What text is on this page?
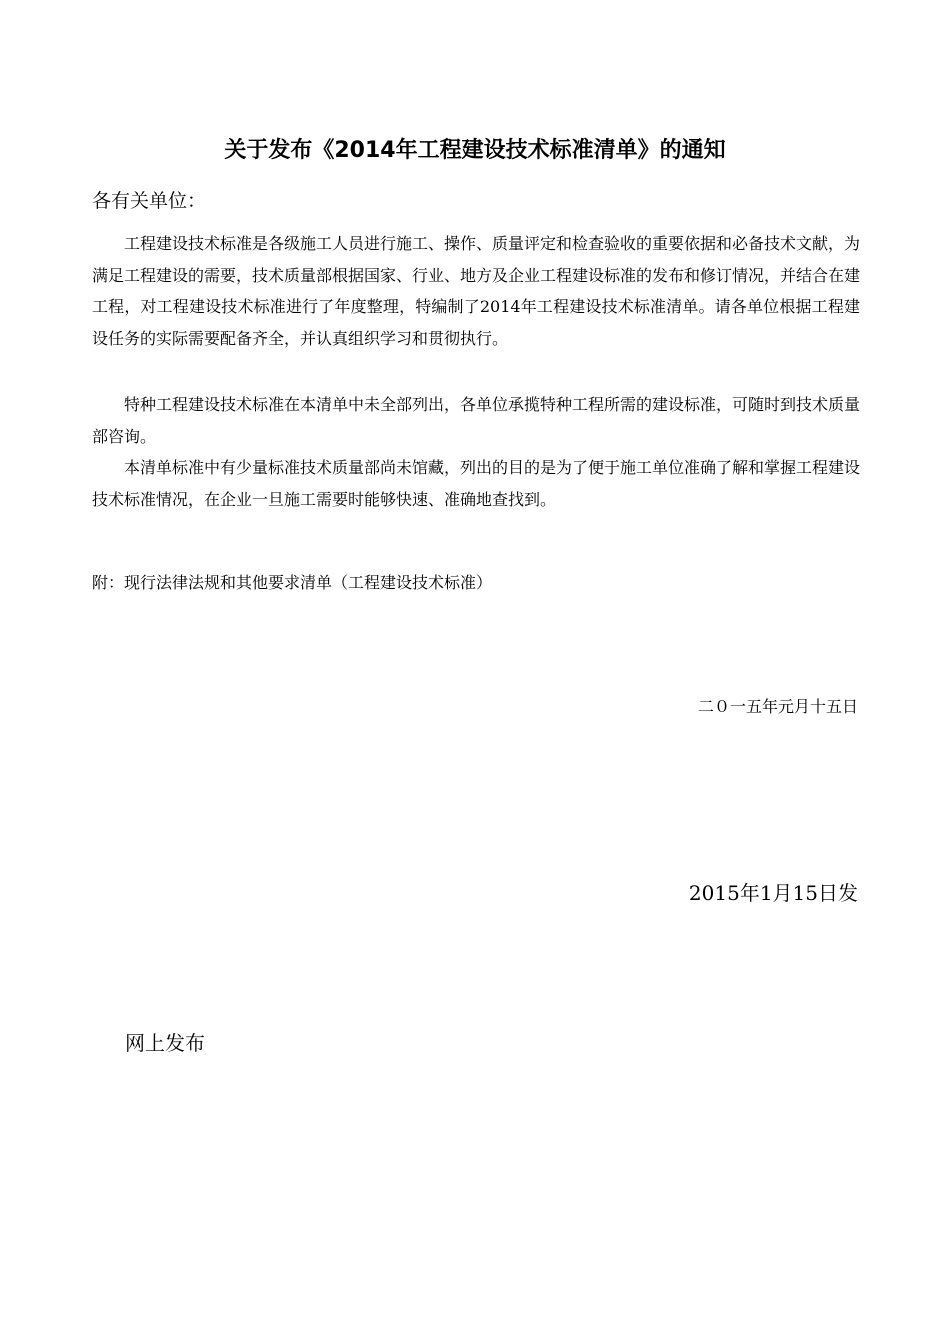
关于发布《2014年工程建设技术标准清单》的通知
各有关单位：

工程建设技术标准是各级施工人员进行施工、操作、质量评定和检查验收的重要依据和必备技术文献，为满足工程建设的需要，技术质量部根据国家、行业、地方及企业工程建设标准的发布和修订情况，并结合在建工程，对工程建设技术标准进行了年度整理，特编制了2014年工程建设技术标准清单。请各单位根据工程建设任务的实际需要配备齐全，并认真组织学习和贯彻执行。

特种工程建设技术标准在本清单中未全部列出，各单位承揽特种工程所需的建设标准，可随时到技术质量部咨询。

本清单标准中有少量标准技术质量部尚未馆藏，列出的目的是为了便于施工单位准确了解和掌握工程建设技术标准情况，在企业一旦施工需要时能够快速、准确地查找到。

附：现行法律法规和其他要求清单（工程建设技术标准）
二０一五年元月十五日
2015年1月15日发
网上发布
